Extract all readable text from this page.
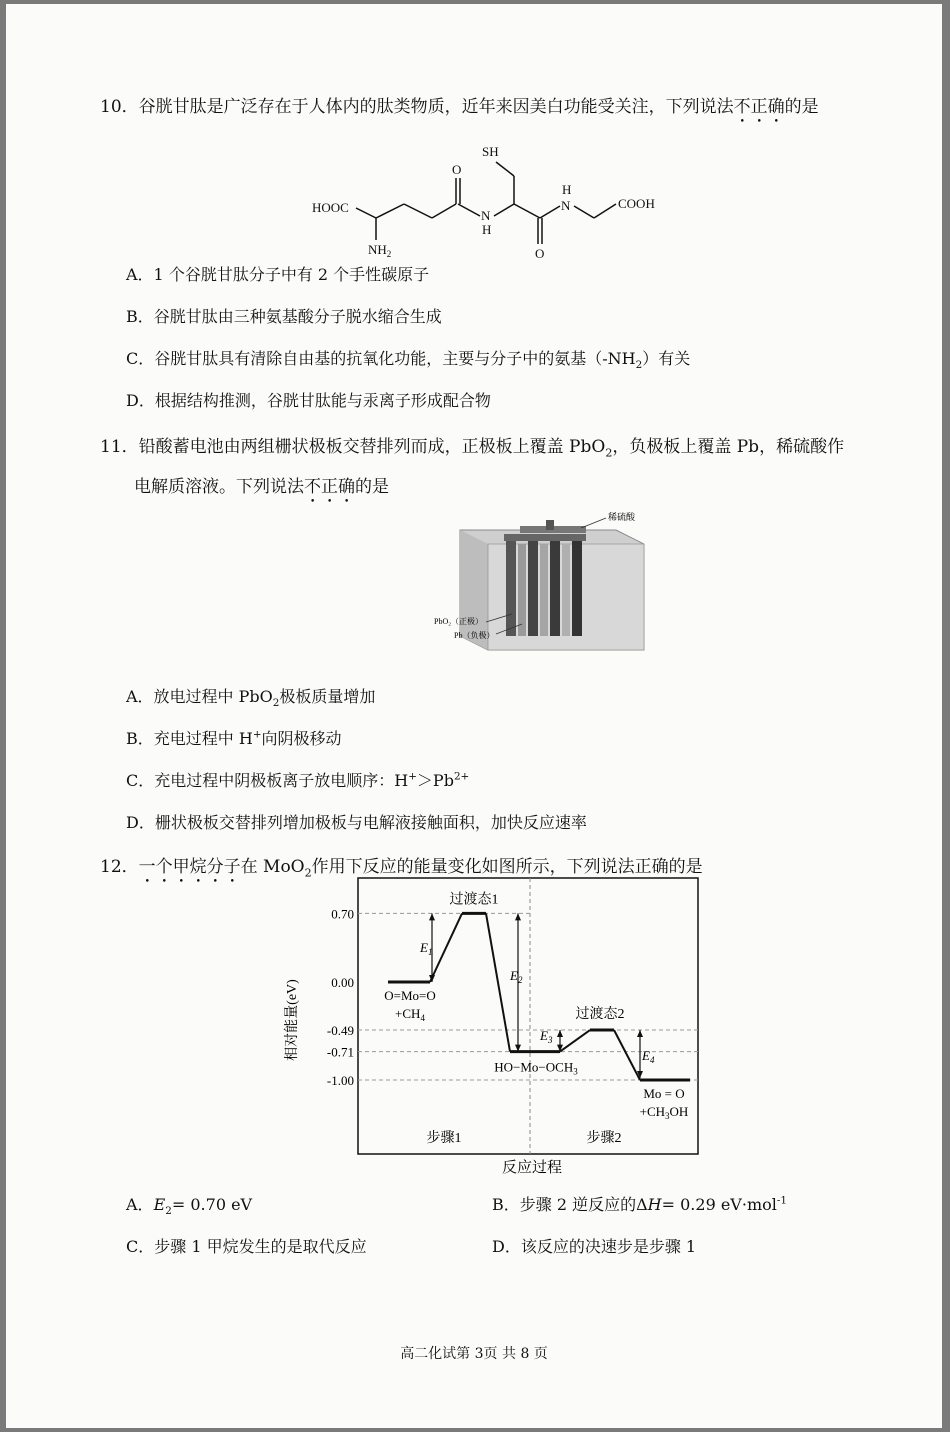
10．谷胱甘肽是广泛存在于人体内的肽类物质，近年来因美白功能受关注，下列说法不正确的是
HOOC
$NH_2$
O
N
H
SH
O
H
N	COOH
A．1 个谷胱甘肽分子中有 2 个手性碳原子
B．谷胱甘肽由三种氨基酸分子脱水缩合生成
C．谷胱甘肽具有清除自由基的抗氧化功能，主要与分子中的氨基$(-NH_2)$有关
D．根据结构推测，谷胱甘肽能与汞离子形成配合物
11．铅酸蓄电池由两组栅状极板交替排列而成，正极板上覆盖 PbO$_2$，负极板上覆盖 Pb，稀硫酸作
电解质溶液。下列说法不正确的是
稀硫酸
PbO₂（正极）
Pb（负极）
A．放电过程中 PbO$_2$极板质量增加
B．充电过程中 H+向阴极移动
C．充电过程中阴极板离子放电顺序：$H^+>Pb^{2+}$
D．栅状极板交替排列增加极板与电解液接触面积，加快反应速率
12．一个甲烷分子在 MoO$_2$作用下反应的能量变化如图所示，下列说法正确的是
0.70
0.00
-0.49
-0.71
-1.00
$E_1$
$E_2$
$E_3$
$E_4$
过渡态1
过渡态2
O=Mo=O
$+CH_4$
$HO-Mo-OCH_3$
Mo = O
$+CH_3OH$
相对能量(eV)
反应过程
步骤1	步骤2
A．$E_2= 0.70$ eV	B．步骤 2 逆反应的ΔH= 0.29 eV·mol$^{-1}$
C．步骤 1 甲烷发生的是取代反应	D．该反应的决速步是步骤 1
高二化试第 3页 共 8 页
